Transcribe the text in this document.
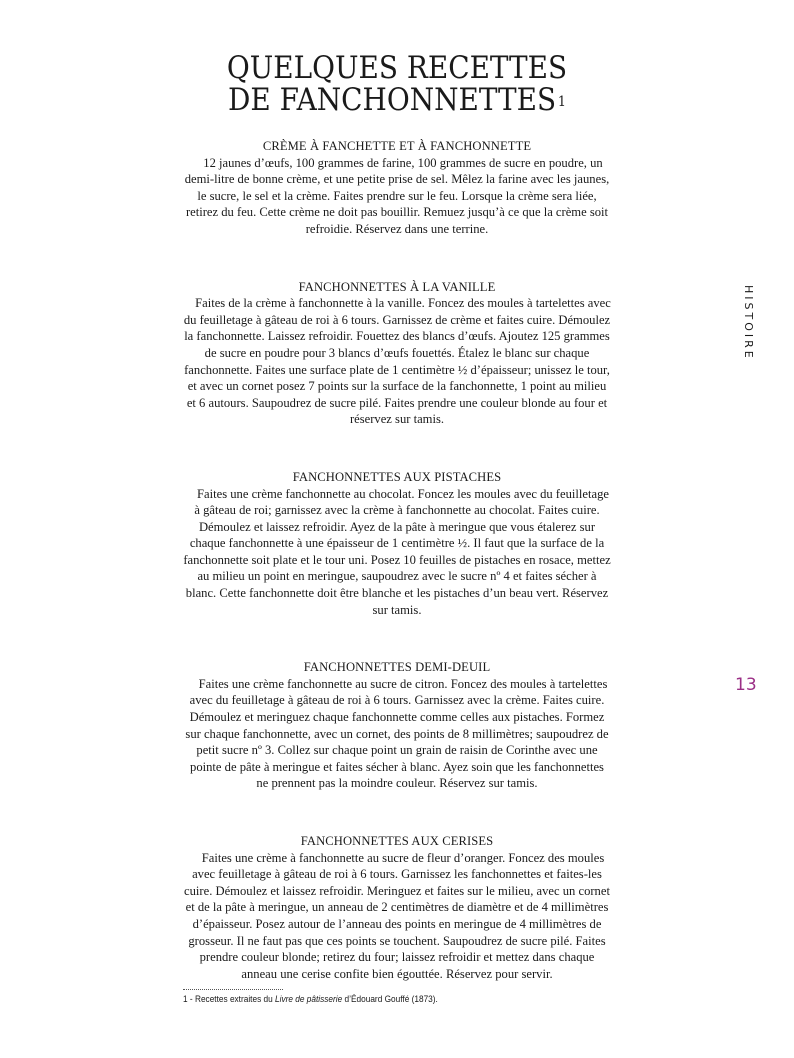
QUELQUES RECETTES
DE FANCHONNETTES $^1$
CRÈME À FANCHETTE ET À FANCHONNETTE

12 jaunes d’œufs, 100 grammes de farine, 100 grammes de sucre en poudre, un demi-litre de bonne crème, et une petite prise de sel. Mêlez la farine avec les jaunes, le sucre, le sel et la crème. Faites prendre sur le feu. Lorsque la crème sera liée, retirez du feu. Cette crème ne doit pas bouillir. Remuez jusqu’à ce que la crème soit refroidie. Réservez dans une terrine.

FANCHONNETTES À LA VANILLE

Faites de la crème à fanchonnette à la vanille. Foncez des moules à tartelettes avec du feuilletage à gâteau de roi à 6 tours. Garnissez de crème et faites cuire. Démoulez la fanchonnette. Laissez refroidir. Fouettez des blancs d’œufs. Ajoutez 125 grammes de sucre en poudre pour 3 blancs d’œufs fouettés. Étalez le blanc sur chaque fanchonnette. Faites une surface plate de 1 centimètre ½ d’épaisseur; unissez le tour, et avec un cornet posez 7 points sur la surface de la fanchonnette, 1 point au milieu et 6 autours. Saupoudrez de sucre pilé. Faites prendre une couleur blonde au four et réservez sur tamis.

FANCHONNETTES AUX PISTACHES

Faites une crème fanchonnette au chocolat. Foncez les moules avec du feuilletage à gâteau de roi; garnissez avec la crème à fanchonnette au chocolat. Faites cuire. Démoulez et laissez refroidir. Ayez de la pâte à meringue que vous étalerez sur chaque fanchonnette à une épaisseur de 1 centimètre ½. Il faut que la surface de la fanchonnette soit plate et le tour uni. Posez 10 feuilles de pistaches en rosace, mettez au milieu un point en meringue, saupoudrez avec le sucre nº 4 et faites sécher à blanc. Cette fanchonnette doit être blanche et les pistaches d’un beau vert. Réservez sur tamis.

FANCHONNETTES DEMI-DEUIL

Faites une crème fanchonnette au sucre de citron. Foncez des moules à tartelettes avec du feuilletage à gâteau de roi à 6 tours. Garnissez avec la crème. Faites cuire. Démoulez et meringuez chaque fanchonnette comme celles aux pistaches. Formez sur chaque fanchonnette, avec un cornet, des points de 8 millimètres; saupoudrez de petit sucre nº 3. Collez sur chaque point un grain de raisin de Corinthe avec une pointe de pâte à meringue et faites sécher à blanc. Ayez soin que les fanchonnettes ne prennent pas la moindre couleur. Réservez sur tamis.

FANCHONNETTES AUX CERISES

Faites une crème à fanchonnette au sucre de fleur d’oranger. Foncez des moules avec feuilletage à gâteau de roi à 6 tours. Garnissez les fanchonnettes et faites-les cuire. Démoulez et laissez refroidir. Meringuez et faites sur le milieu, avec un cornet et de la pâte à meringue, un anneau de 2 centimètres de diamètre et de 4 millimètres d’épaisseur. Posez autour de l’anneau des points en meringue de 4 millimètres de grosseur. Il ne faut pas que ces points se touchent. Saupoudrez de sucre pilé. Faites prendre couleur blonde; retirez du four; laissez refroidir et mettez dans chaque anneau une cerise confite bien égouttée. Réservez pour servir.

HISTOIRE
13
1 - Recettes extraites du Livre de pâtisserie d’Édouard Gouffé (1873).
